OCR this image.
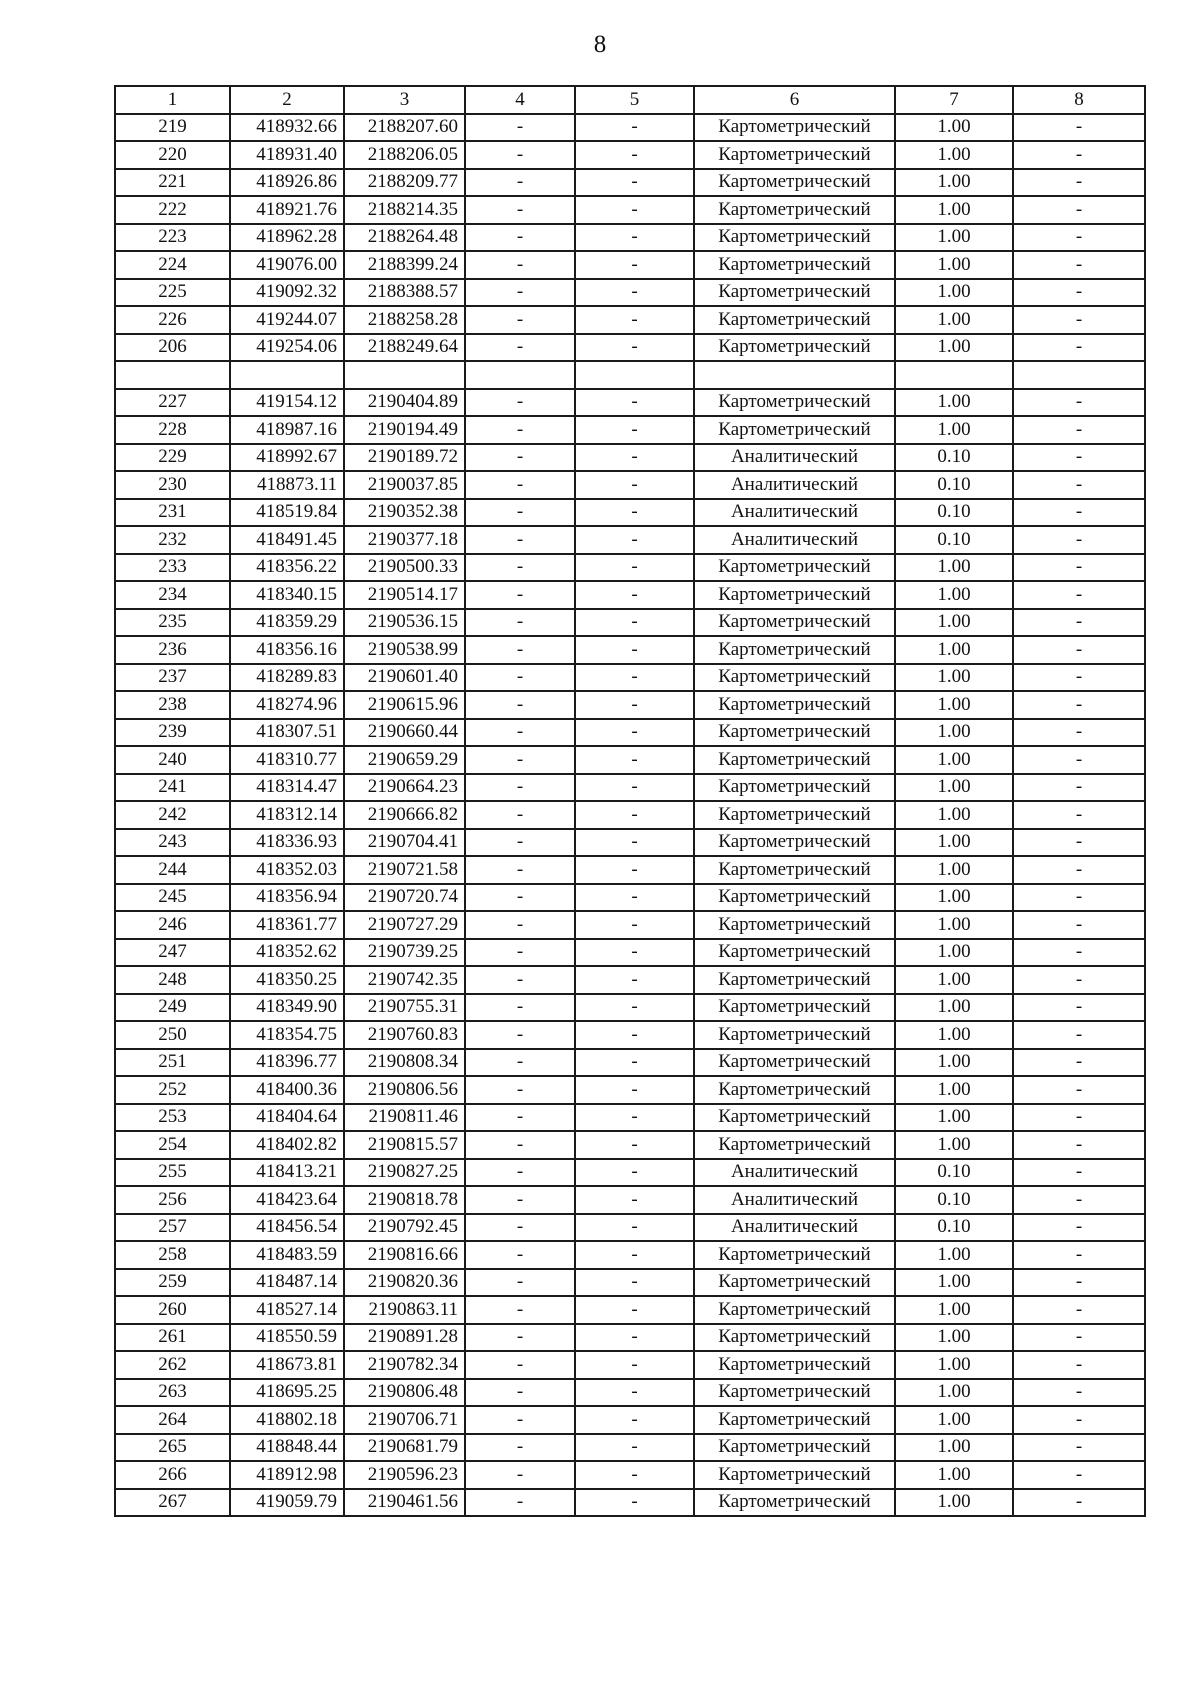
8
1	2	3	4	5	6	7	8
219	418932.66	2188207.60	-	-	Картометрический	1.00	-
220	418931.40	2188206.05	-	-	Картометрический	1.00	-
221	418926.86	2188209.77	-	-	Картометрический	1.00	-
222	418921.76	2188214.35	-	-	Картометрический	1.00	-
223	418962.28	2188264.48	-	-	Картометрический	1.00	-
224	419076.00	2188399.24	-	-	Картометрический	1.00	-
225	419092.32	2188388.57	-	-	Картометрический	1.00	-
226	419244.07	2188258.28	-	-	Картометрический	1.00	-
206	419254.06	2188249.64	-	-	Картометрический	1.00	-

227	419154.12	2190404.89	-	-	Картометрический	1.00	-
228	418987.16	2190194.49	-	-	Картометрический	1.00	-
229	418992.67	2190189.72	-	-	Аналитический	0.10	-
230	418873.11	2190037.85	-	-	Аналитический	0.10	-
231	418519.84	2190352.38	-	-	Аналитический	0.10	-
232	418491.45	2190377.18	-	-	Аналитический	0.10	-
233	418356.22	2190500.33	-	-	Картометрический	1.00	-
234	418340.15	2190514.17	-	-	Картометрический	1.00	-
235	418359.29	2190536.15	-	-	Картометрический	1.00	-
236	418356.16	2190538.99	-	-	Картометрический	1.00	-
237	418289.83	2190601.40	-	-	Картометрический	1.00	-
238	418274.96	2190615.96	-	-	Картометрический	1.00	-
239	418307.51	2190660.44	-	-	Картометрический	1.00	-
240	418310.77	2190659.29	-	-	Картометрический	1.00	-
241	418314.47	2190664.23	-	-	Картометрический	1.00	-
242	418312.14	2190666.82	-	-	Картометрический	1.00	-
243	418336.93	2190704.41	-	-	Картометрический	1.00	-
244	418352.03	2190721.58	-	-	Картометрический	1.00	-
245	418356.94	2190720.74	-	-	Картометрический	1.00	-
246	418361.77	2190727.29	-	-	Картометрический	1.00	-
247	418352.62	2190739.25	-	-	Картометрический	1.00	-
248	418350.25	2190742.35	-	-	Картометрический	1.00	-
249	418349.90	2190755.31	-	-	Картометрический	1.00	-
250	418354.75	2190760.83	-	-	Картометрический	1.00	-
251	418396.77	2190808.34	-	-	Картометрический	1.00	-
252	418400.36	2190806.56	-	-	Картометрический	1.00	-
253	418404.64	2190811.46	-	-	Картометрический	1.00	-
254	418402.82	2190815.57	-	-	Картометрический	1.00	-
255	418413.21	2190827.25	-	-	Аналитический	0.10	-
256	418423.64	2190818.78	-	-	Аналитический	0.10	-
257	418456.54	2190792.45	-	-	Аналитический	0.10	-
258	418483.59	2190816.66	-	-	Картометрический	1.00	-
259	418487.14	2190820.36	-	-	Картометрический	1.00	-
260	418527.14	2190863.11	-	-	Картометрический	1.00	-
261	418550.59	2190891.28	-	-	Картометрический	1.00	-
262	418673.81	2190782.34	-	-	Картометрический	1.00	-
263	418695.25	2190806.48	-	-	Картометрический	1.00	-
264	418802.18	2190706.71	-	-	Картометрический	1.00	-
265	418848.44	2190681.79	-	-	Картометрический	1.00	-
266	418912.98	2190596.23	-	-	Картометрический	1.00	-
267	419059.79	2190461.56	-	-	Картометрический	1.00	-
